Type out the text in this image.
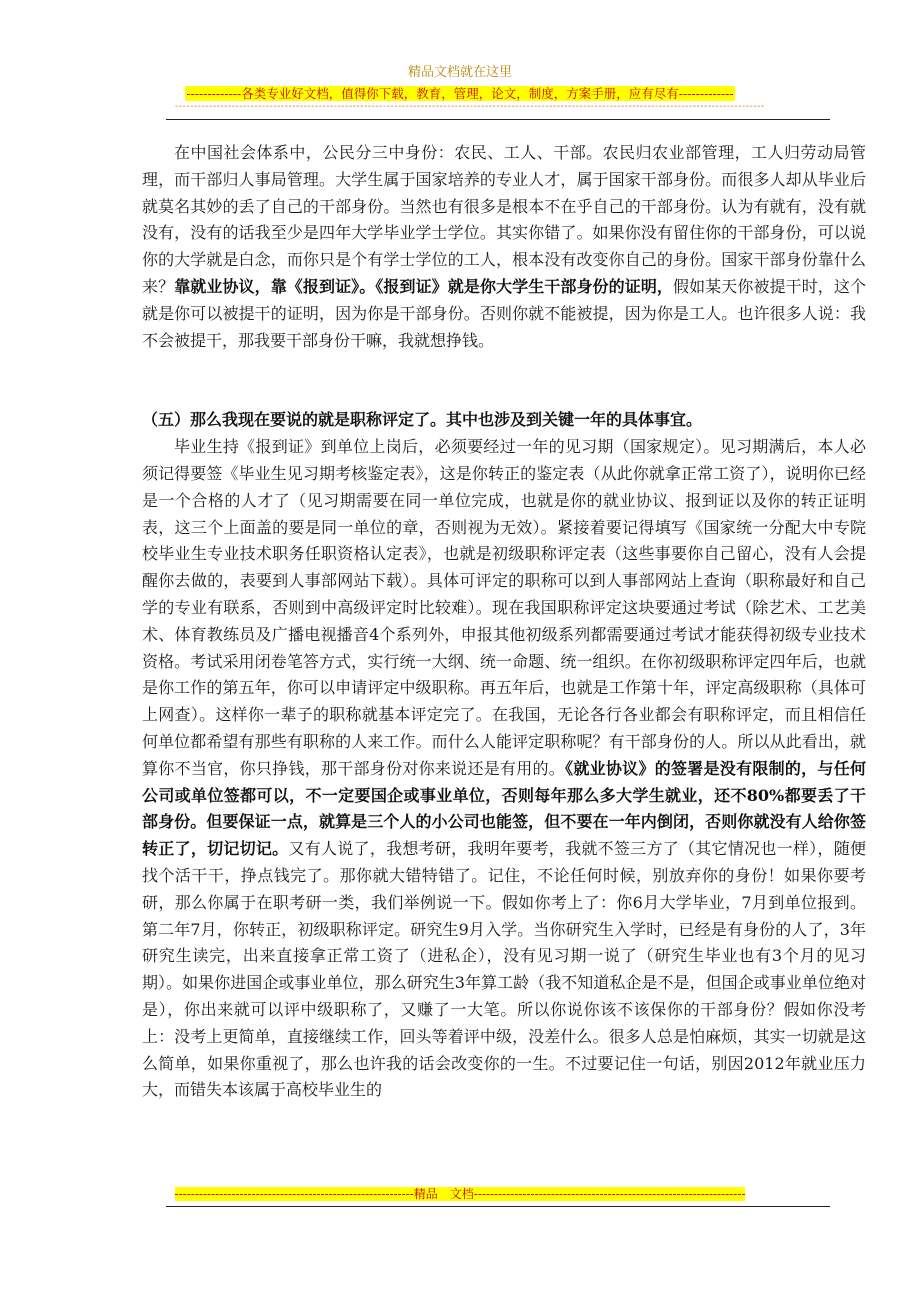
精品文档就在这里
-------------各类专业好文档，值得你下载，教育，管理，论文，制度，方案手册，应有尽有-------------
------------------------------------------------------------------------------------------------------------------------------------------------------------

在中国社会体系中，公民分三中身份：农民、工人、干部。农民归农业部管理，工人归劳动局管理，而干部归人事局管理。大学生属于国家培养的专业人才，属于国家干部身份。而很多人却从毕业后就莫名其妙的丢了自己的干部身份。当然也有很多是根本不在乎自己的干部身份。认为有就有，没有就没有，没有的话我至少是四年大学毕业学士学位。其实你错了。如果你没有留住你的干部身份，可以说你的大学就是白念，而你只是个有学士学位的工人，根本没有改变你自己的身份。国家干部身份靠什么来？靠就业协议，靠《报到证》。《报到证》就是你大学生干部身份的证明，假如某天你被提干时，这个就是你可以被提干的证明，因为你是干部身份。否则你就不能被提，因为你是工人。也许很多人说：我不会被提干，那我要干部身份干嘛，我就想挣钱。

（五）那么我现在要说的就是职称评定了。其中也涉及到关键一年的具体事宜。

毕业生持《报到证》到单位上岗后，必须要经过一年的见习期（国家规定）。见习期满后，本人必须记得要签《毕业生见习期考核鉴定表》，这是你转正的鉴定表（从此你就拿正常工资了），说明你已经是一个合格的人才了（见习期需要在同一单位完成，也就是你的就业协议、报到证以及你的转正证明表，这三个上面盖的要是同一单位的章，否则视为无效）。紧接着要记得填写《国家统一分配大中专院校毕业生专业技术职务任职资格认定表》，也就是初级职称评定表（这些事要你自己留心，没有人会提醒你去做的，表要到人事部网站下载）。具体可评定的职称可以到人事部网站上查询（职称最好和自己学的专业有联系，否则到中高级评定时比较难）。现在我国职称评定这块要通过考试（除艺术、工艺美术、体育教练员及广播电视播音4个系列外，申报其他初级系列都需要通过考试才能获得初级专业技术资格。考试采用闭卷笔答方式，实行统一大纲、统一命题、统一组织。在你初级职称评定四年后，也就是你工作的第五年，你可以申请评定中级职称。再五年后，也就是工作第十年，评定高级职称（具体可上网查）。这样你一辈子的职称就基本评定完了。在我国，无论各行各业都会有职称评定，而且相信任何单位都希望有那些有职称的人来工作。而什么人能评定职称呢？有干部身份的人。所以从此看出，就算你不当官，你只挣钱，那干部身份对你来说还是有用的。《就业协议》的签署是没有限制的，与任何公司或单位签都可以，不一定要国企或事业单位，否则每年那么多大学生就业，还不80%都要丢了干部身份。但要保证一点，就算是三个人的小公司也能签，但不要在一年内倒闭，否则你就没有人给你签转正了，切记切记。又有人说了，我想考研，我明年要考，我就不签三方了（其它情况也一样），随便找个活干干，挣点钱完了。那你就大错特错了。记住，不论任何时候，别放弃你的身份！如果你要考研，那么你属于在职考研一类，我们举例说一下。假如你考上了：你6月大学毕业，7月到单位报到。第二年7月，你转正，初级职称评定。研究生9月入学。当你研究生入学时，已经是有身份的人了，3年研究生读完，出来直接拿正常工资了（进私企），没有见习期一说了（研究生毕业也有3个月的见习期）。如果你进国企或事业单位，那么研究生3年算工龄（我不知道私企是不是，但国企或事业单位绝对是），你出来就可以评中级职称了，又赚了一大笔。所以你说你该不该保你的干部身份？假如你没考上：没考上更简单，直接继续工作，回头等着评中级，没差什么。很多人总是怕麻烦，其实一切就是这么简单，如果你重视了，那么也许我的话会改变你的一生。不过要记住一句话，别因2012年就业压力大，而错失本该属于高校毕业生的

-----------------------------------------------------------精品　文档-------------------------------------------------------------------
